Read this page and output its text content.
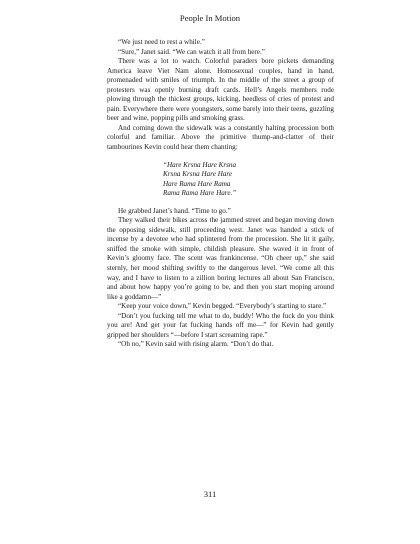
People In Motion

“We just need to rest a while.”

“Sure,” Janet said. “We can watch it all from here.”

There was a lot to watch. Colorful paraders bore pickets demanding America leave Viet Nam alone. Homosexual couples, hand in hand, promenaded with smiles of triumph. In the middle of the street a group of protesters was openly burning draft cards. Hell’s Angels members rode plowing through the thickest groups, kicking, heedless of cries of protest and pain. Everywhere there were youngsters, some barely into their teens, guzzling beer and wine, popping pills and smoking grass.

And coming down the sidewalk was a constantly halting procession both colorful and familiar. Above the primitive thump-and-clatter of their tambourines Kevin could hear them chanting:

“Hare Krsna Hare Krsna
Krsna Krsna Hare Hare
Hare Rama Hare Rama
Rama Rama Hare Hare.”

He grabbed Janet’s hand. “Time to go.”

They walked their bikes across the jammed street and began moving down the opposing sidewalk, still proceeding west. Janet was handed a stick of incense by a devotee who had splintered from the procession. She lit it gaily, sniffed the smoke with simple, childish pleasure. She waved it in front of Kevin’s gloomy face. The scent was frankincense. “Oh cheer up,” she said sternly, her mood shifting swiftly to the dangerous level. “We come all this way, and I have to listen to a zillion boring lectures all about San Francisco, and about how happy you’re going to be, and then you start moping around like a goddamn—”

“Keep your voice down,” Kevin begged. “Everybody’s starting to stare.”

“Don’t you fucking tell me what to do, buddy! Who the fuck do you think you are! And get your fat fucking hands off me—” for Kevin had gently gripped her shoulders “—before I start screaming rape.”

“Oh no,” Kevin said with rising alarm. “Don’t do that.

311
